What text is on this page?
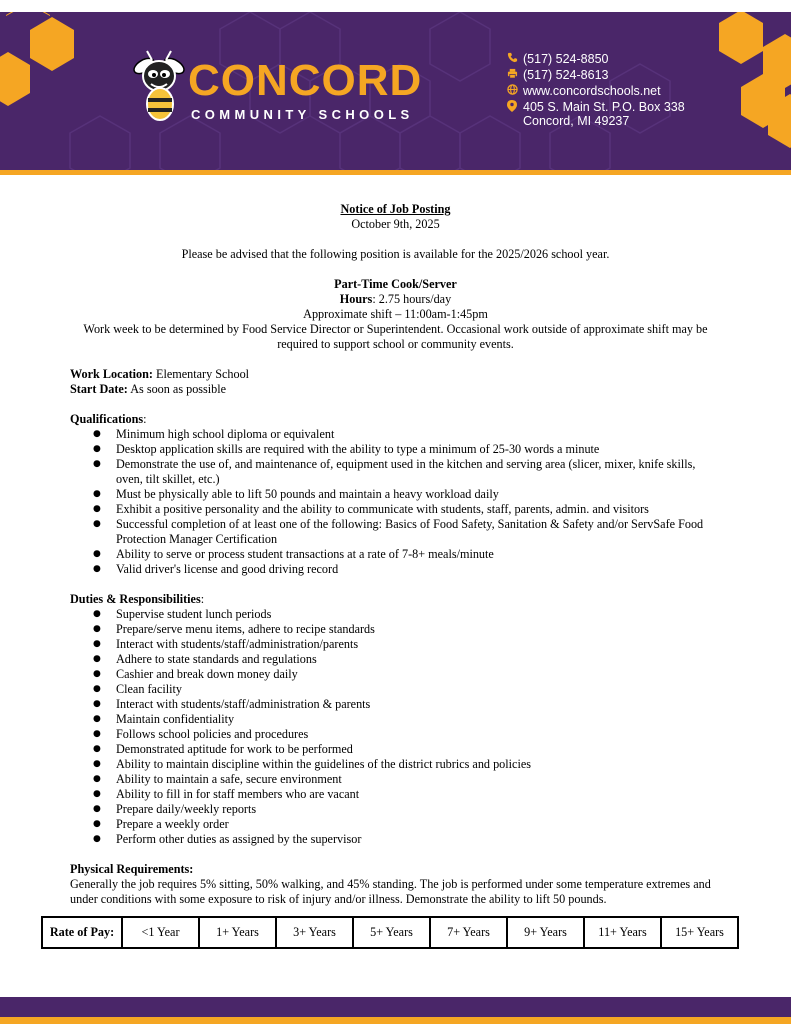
CONCORD
COMMUNITY SCHOOLS
(517) 524-8850
(517) 524-8613
www.concordschools.net
405 S. Main St. P.O. Box 338
Concord, MI 49237
Notice of Job Posting
October 9th, 2025
Please be advised that the following position is available for the 2025/2026 school year.
Part-Time Cook/Server
Hours: 2.75 hours/day
Approximate shift – 11:00am-1:45pm
Work week to be determined by Food Service Director or Superintendent. Occasional work outside of approximate shift may be required to support school or community events.
Work Location: Elementary School
Start Date: As soon as possible
Qualifications:
● Minimum high school diploma or equivalent
● Desktop application skills are required with the ability to type a minimum of 25-30 words a minute
● Demonstrate the use of, and maintenance of, equipment used in the kitchen and serving area (slicer, mixer, knife skills, oven, tilt skillet, etc.)
● Must be physically able to lift 50 pounds and maintain a heavy workload daily
● Exhibit a positive personality and the ability to communicate with students, staff, parents, admin. and visitors
● Successful completion of at least one of the following: Basics of Food Safety, Sanitation & Safety and/or ServSafe Food Protection Manager Certification
● Ability to serve or process student transactions at a rate of 7-8+ meals/minute
● Valid driver's license and good driving record
Duties & Responsibilities:
● Supervise student lunch periods
● Prepare/serve menu items, adhere to recipe standards
● Interact with students/staff/administration/parents
● Adhere to state standards and regulations
● Cashier and break down money daily
● Clean facility
● Interact with students/staff/administration & parents
● Maintain confidentiality
● Follows school policies and procedures
● Demonstrated aptitude for work to be performed
● Ability to maintain discipline within the guidelines of the district rubrics and policies
● Ability to maintain a safe, secure environment
● Ability to fill in for staff members who are vacant
● Prepare daily/weekly reports
● Prepare a weekly order
● Perform other duties as assigned by the supervisor
Physical Requirements:
Generally the job requires 5% sitting, 50% walking, and 45% standing. The job is performed under some temperature extremes and under conditions with some exposure to risk of injury and/or illness. Demonstrate the ability to lift 50 pounds.
Rate of Pay:	<1 Year	1+ Years	3+ Years	5+ Years	7+ Years	9+ Years	11+ Years	15+ Years
